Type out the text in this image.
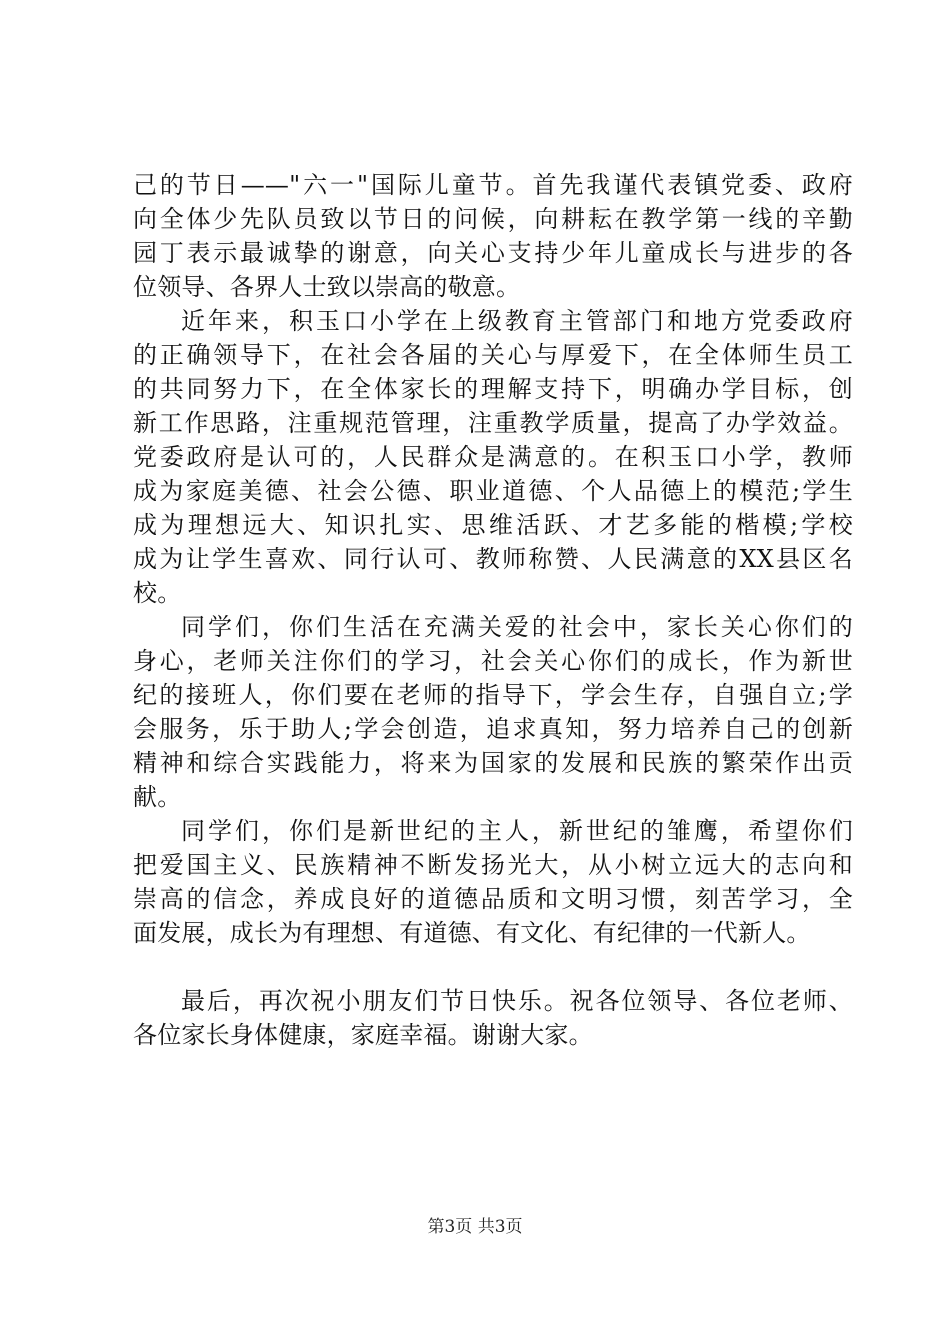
己的节日——"六一"国际儿童节。首先我谨代表镇党委、政府
向全体少先队员致以节日的问候，向耕耘在教学第一线的辛勤
园丁表示最诚挚的谢意，向关心支持少年儿童成长与进步的各
位领导、各界人士致以崇高的敬意。
近年来，积玉口小学在上级教育主管部门和地方党委政府
的正确领导下，在社会各届的关心与厚爱下，在全体师生员工
的共同努力下，在全体家长的理解支持下，明确办学目标，创
新工作思路，注重规范管理，注重教学质量，提高了办学效益。
党委政府是认可的，人民群众是满意的。在积玉口小学，教师
成为家庭美德、社会公德、职业道德、个人品德上的模范;学生
成为理想远大、知识扎实、思维活跃、才艺多能的楷模;学校
成为让学生喜欢、同行认可、教师称赞、人民满意的XX县区名
校。
同学们，你们生活在充满关爱的社会中，家长关心你们的
身心，老师关注你们的学习，社会关心你们的成长，作为新世
纪的接班人，你们要在老师的指导下，学会生存，自强自立;学
会服务，乐于助人;学会创造，追求真知，努力培养自己的创新
精神和综合实践能力，将来为国家的发展和民族的繁荣作出贡
献。
同学们，你们是新世纪的主人，新世纪的雏鹰，希望你们
把爱国主义、民族精神不断发扬光大，从小树立远大的志向和
崇高的信念，养成良好的道德品质和文明习惯，刻苦学习，全
面发展，成长为有理想、有道德、有文化、有纪律的一代新人。
最后，再次祝小朋友们节日快乐。祝各位领导、各位老师、
各位家长身体健康，家庭幸福。谢谢大家。
第3页 共3页
